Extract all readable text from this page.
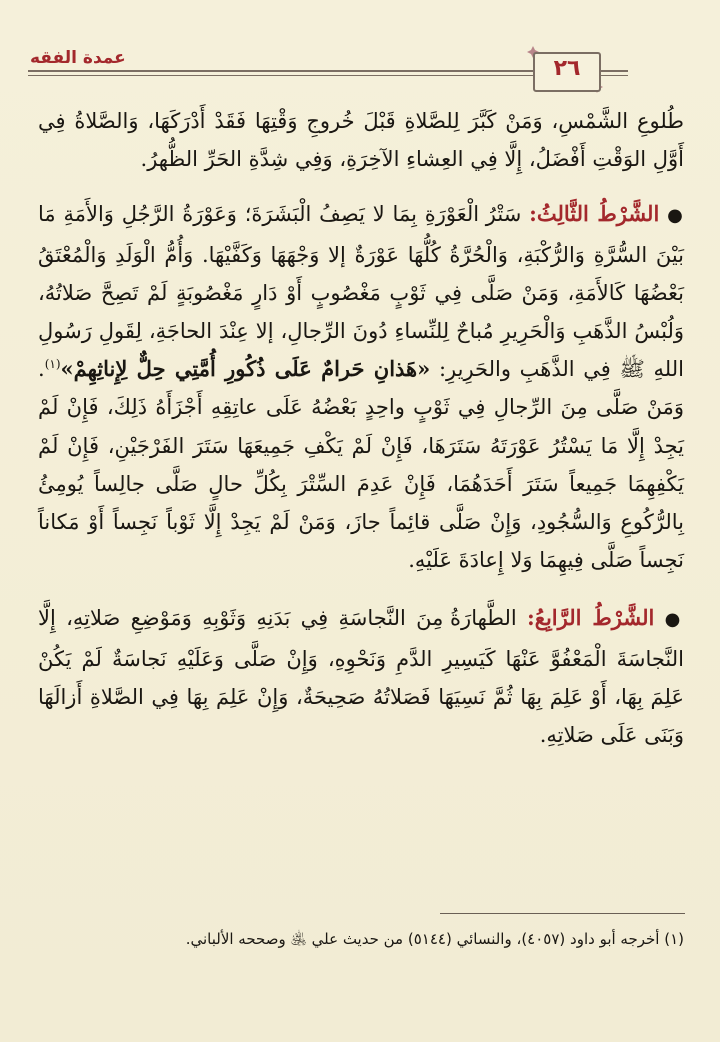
عمدة الفقه	٢٦

طُلوعِ الشَّمْسِ، وَمَنْ كَبَّرَ لِلصَّلاةِ قَبْلَ خُروجِ وَقْتِهَا فَقَدْ أَدْرَكَهَا، وَالصَّلاةُ فِي أَوَّلِ الوَقْتِ أَفْضَلُ، إِلَّا فِي العِشاءِ الآخِرَةِ، وَفِي شِدَّةِ الحَرِّ الظُّهرُ.

● الشَّرْطُ الثَّالِثُ: سَتْرُ الْعَوْرَةِ بِمَا لا يَصِفُ الْبَشَرَةَ؛ وَعَوْرَةُ الرَّجُلِ وَالأَمَةِ مَا بَيْنَ السُّرَّةِ وَالرُّكْبَةِ، وَالْحُرَّةُ كُلُّهَا عَوْرَةٌ إلا وَجْهَهَا وَكَفَّيْهَا. وَأُمُّ الْوَلَدِ وَالْمُعْتَقُ بَعْضُهَا كَالأَمَةِ، وَمَنْ صَلَّى فِي ثَوْبٍ مَغْصُوبٍ أَوْ دَارٍ مَغْصُوبَةٍ لَمْ تَصِحَّ صَلاتُهُ، وَلُبْسُ الذَّهَبِ وَالْحَرِيرِ مُباحٌ لِلنِّساءِ دُونَ الرِّجالِ، إلا عِنْدَ الحاجَةِ، لِقَولِ رَسُولِ اللهِ ﷺ فِي الذَّهَبِ والحَرِيرِ: «هَذانِ حَرامٌ عَلَى ذُكُورِ أُمَّتِي حِلٌّ لِإِناثِهِمْ»$^{(١)}$. وَمَنْ صَلَّى مِنَ الرِّجالِ فِي ثَوْبٍ واحِدٍ بَعْضُهُ عَلَى عاتِقِهِ أَجْزَأَهُ ذَلِكَ، فَإِنْ لَمْ يَجِدْ إِلَّا مَا يَسْتُرُ عَوْرَتَهُ سَتَرَهَا، فَإِنْ لَمْ يَكْفِ جَمِيعَهَا سَتَرَ الفَرْجَيْنِ، فَإِنْ لَمْ يَكْفِهِمَا جَمِيعاً سَتَرَ أَحَدَهُمَا، فَإِنْ عَدِمَ السِّتْرَ بِكُلِّ حالٍ صَلَّى جالِساً يُومِئُ بِالرُّكُوعِ وَالسُّجُودِ، وَإِنْ صَلَّى قائِماً جازَ، وَمَنْ لَمْ يَجِدْ إِلَّا ثَوْباً نَجِساً أَوْ مَكاناً نَجِساً صَلَّى فِيهِمَا وَلا إِعادَةَ عَلَيْهِ.

● الشَّرْطُ الرَّابِعُ: الطَّهارَةُ مِنَ النَّجاسَةِ فِي بَدَنِهِ وَثَوْبِهِ وَمَوْضِعِ صَلاتِهِ، إِلَّا النَّجاسَةَ الْمَعْفُوَّ عَنْهَا كَيَسِيرِ الدَّمِ وَنَحْوِهِ، وَإِنْ صَلَّى وَعَلَيْهِ نَجاسَةٌ لَمْ يَكُنْ عَلِمَ بِهَا، أَوْ عَلِمَ بِهَا ثُمَّ نَسِيَهَا فَصَلاتُهُ صَحِيحَةٌ، وَإِنْ عَلِمَ بِهَا فِي الصَّلاةِ أَزالَهَا وَبَنَى عَلَى صَلاتِهِ.

(١) أخرجه أبو داود (٤٠٥٧)، والنسائي (٥١٤٤) من حديث علي ﵁ وصححه الألباني.
